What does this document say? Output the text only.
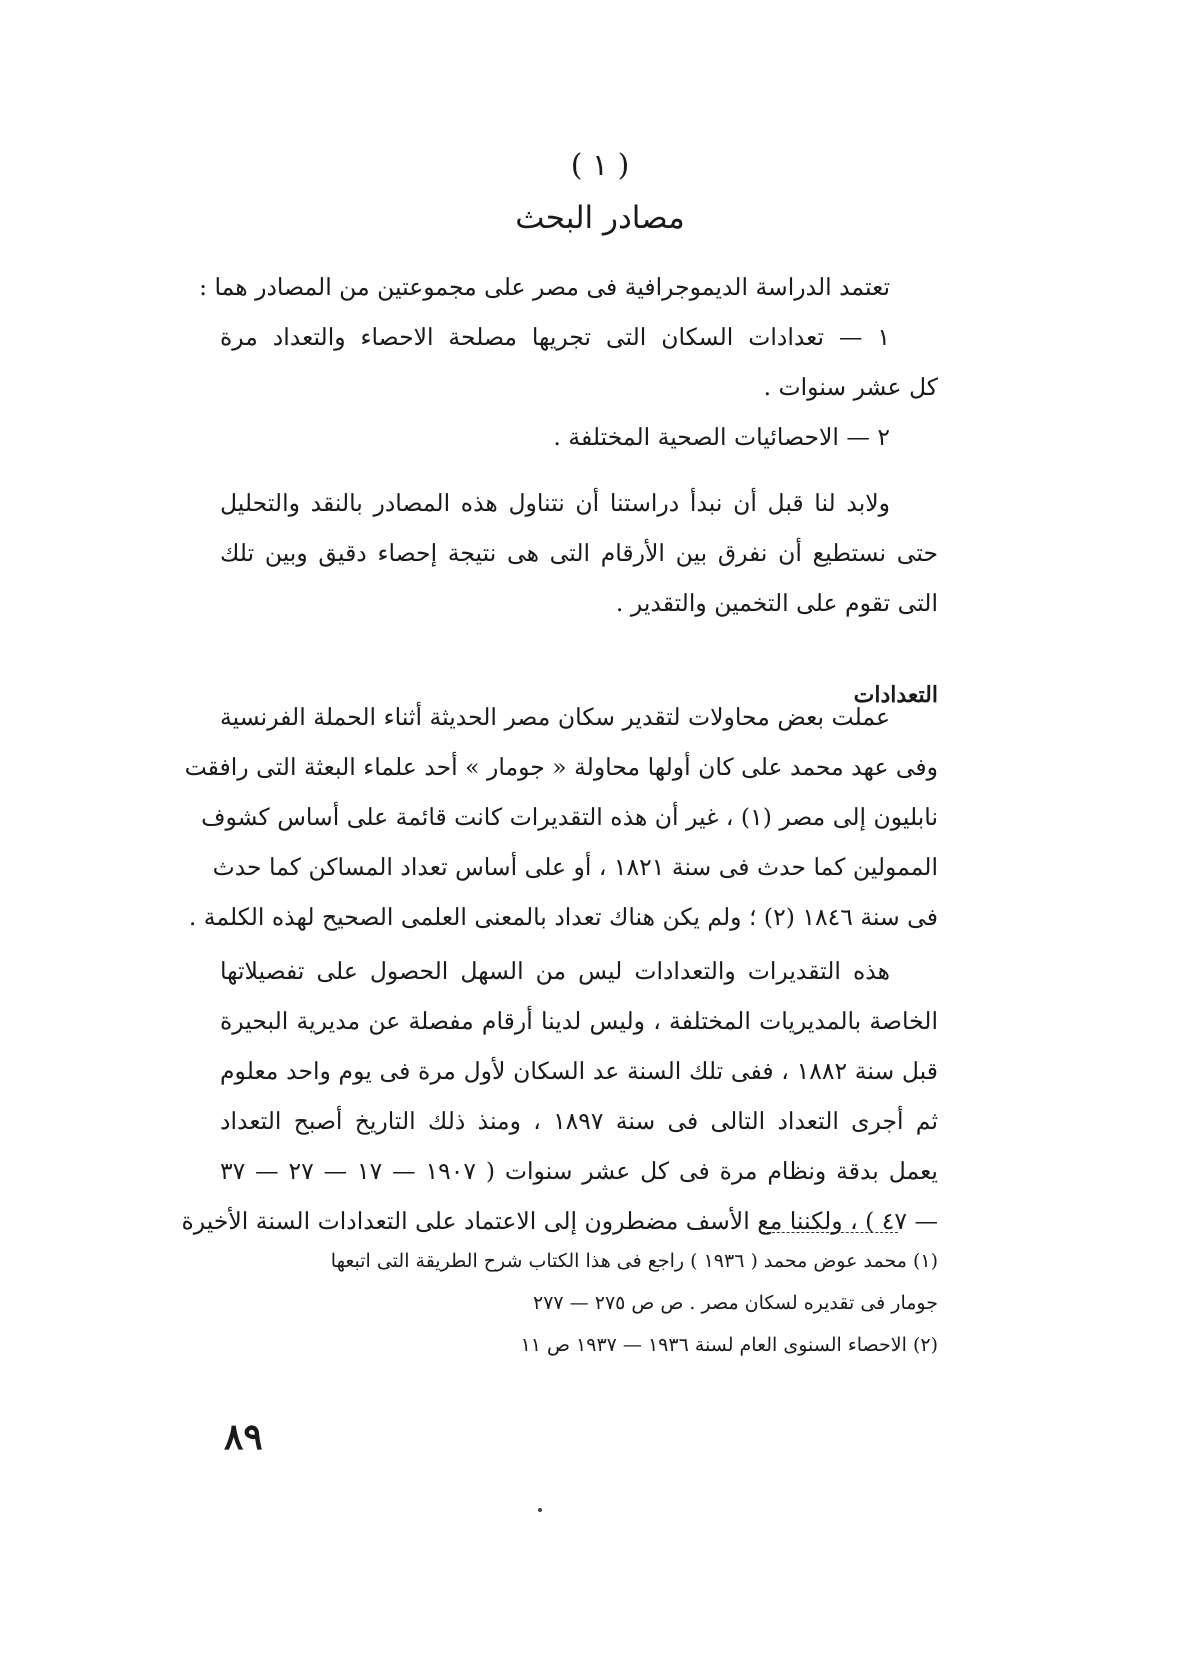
( ١ )
مصادر البحث
تعتمد الدراسة الديموجرافية فى مصر على مجموعتين من المصادر هما :
١ — تعدادات السكان التى تجريها مصلحة الاحصاء والتعداد مرة
كل عشر سنوات .
٢ — الاحصائيات الصحية المختلفة .
ولابد لنا قبل أن نبدأ دراستنا أن نتناول هذه المصادر بالنقد والتحليل
حتى نستطيع أن نفرق بين الأرقام التى هى نتيجة إحصاء دقيق وبين تلك
التى تقوم على التخمين والتقدير .
التعدادات
عملت بعض محاولات لتقدير سكان مصر الحديثة أثناء الحملة الفرنسية
وفى عهد محمد على كان أولها محاولة « جومار » أحد علماء البعثة التى رافقت
نابليون إلى مصر (١) ، غير أن هذه التقديرات كانت قائمة على أساس كشوف
الممولين كما حدث فى سنة ١٨٢١ ، أو على أساس تعداد المساكن كما حدث
فى سنة ١٨٤٦ (٢) ؛ ولم يكن هناك تعداد بالمعنى العلمى الصحيح لهذه الكلمة .
هذه التقديرات والتعدادات ليس من السهل الحصول على تفصيلاتها
الخاصة بالمديريات المختلفة ، وليس لدينا أرقام مفصلة عن مديرية البحيرة
قبل سنة ١٨٨٢ ، ففى تلك السنة عد السكان لأول مرة فى يوم واحد معلوم
ثم أجرى التعداد التالى فى سنة ١٨٩٧ ، ومنذ ذلك التاريخ أصبح التعداد
يعمل بدقة ونظام مرة فى كل عشر سنوات ( ١٩٠٧ — ١٧ — ٢٧ — ٣٧
— ٤٧ ) ، ولكننا مع الأسف مضطرون إلى الاعتماد على التعدادات السنة الأخيرة
(١) محمد عوض محمد ( ١٩٣٦ ) راجع فى هذا الكتاب شرح الطريقة التى اتبعها
جومار فى تقديره لسكان مصر . ص ص ٢٧٥ — ٢٧٧
(٢) الاحصاء السنوى العام لسنة ١٩٣٦ — ١٩٣٧ ص ١١
٨٩
